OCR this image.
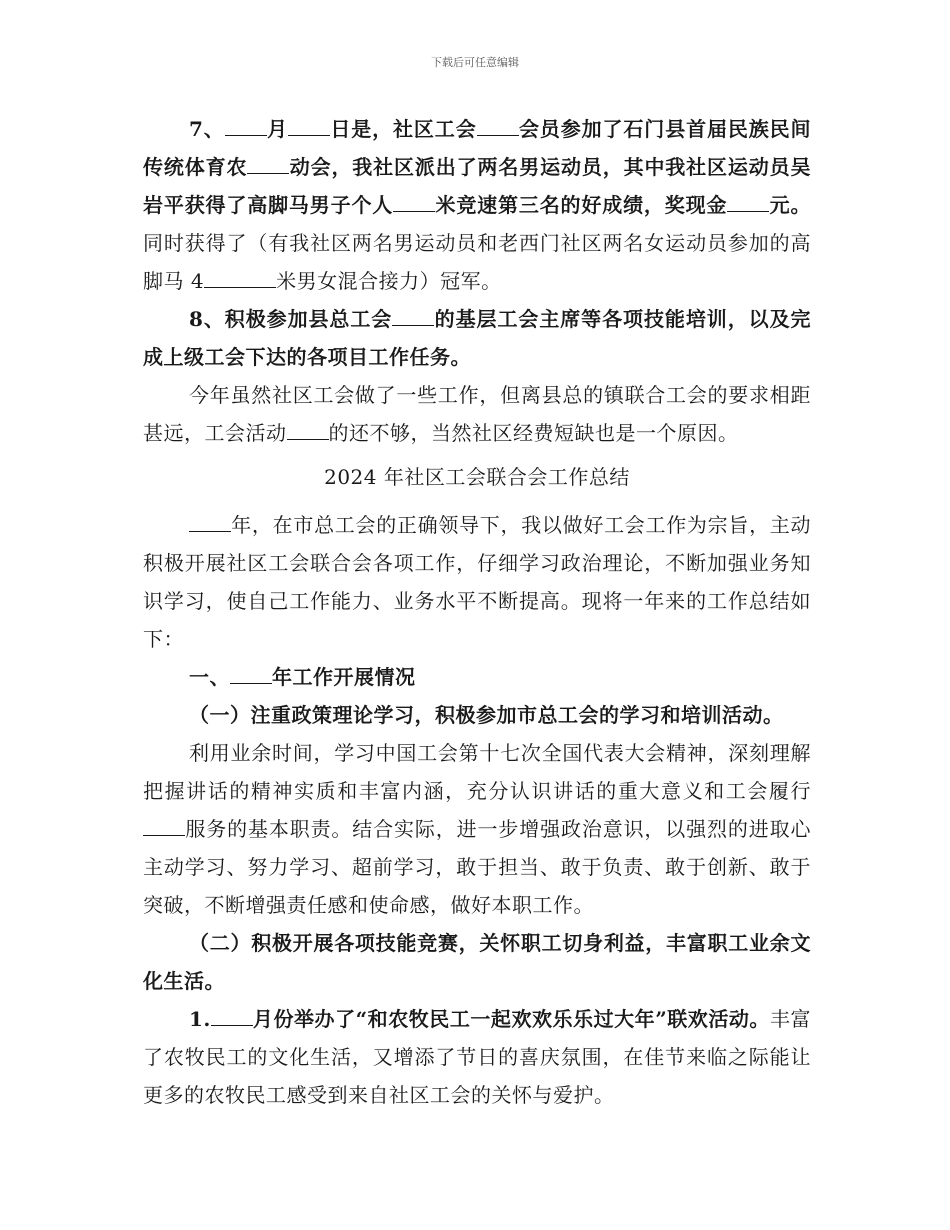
下载后可任意编辑

7、 月 日是，社区工会 会员参加了石门县首届民族民间传统体育农 动会，我社区派出了两名男运动员，其中我社区运动员吴岩平获得了高脚马男子个人 米竞速第三名的好成绩，奖现金 元。同时获得了（有我社区两名男运动员和老西门社区两名女运动员参加的高脚马 4	米男女混合接力）冠军。

8、积极参加县总工会 的基层工会主席等各项技能培训，以及完成上级工会下达的各项目工作任务。

今年虽然社区工会做了一些工作，但离县总的镇联合工会的要求相距甚远，工会活动 的还不够，当然社区经费短缺也是一个原因。

2024 年社区工会联合会工作总结

年，在市总工会的正确领导下，我以做好工会工作为宗旨，主动积极开展社区工会联合会各项工作，仔细学习政治理论，不断加强业务知识学习，使自己工作能力、业务水平不断提高。现将一年来的工作总结如下：

一、 年工作开展情况

（一）注重政策理论学习，积极参加市总工会的学习和培训活动。

利用业余时间，学习中国工会第十七次全国代表大会精神，深刻理解把握讲话的精神实质和丰富内涵，充分认识讲话的重大意义和工会履行服务的基本职责。结合实际，进一步增强政治意识，以强烈的进取心主动学习、努力学习、超前学习，敢于担当、敢于负责、敢于创新、敢于突破，不断增强责任感和使命感，做好本职工作。

（二）积极开展各项技能竞赛，关怀职工切身利益，丰富职工业余文化生活。

1. 月份举办了“和农牧民工一起欢欢乐乐过大年”联欢活动。丰富了农牧民工的文化生活，又增添了节日的喜庆氛围，在佳节来临之际能让更多的农牧民工感受到来自社区工会的关怀与爱护。
